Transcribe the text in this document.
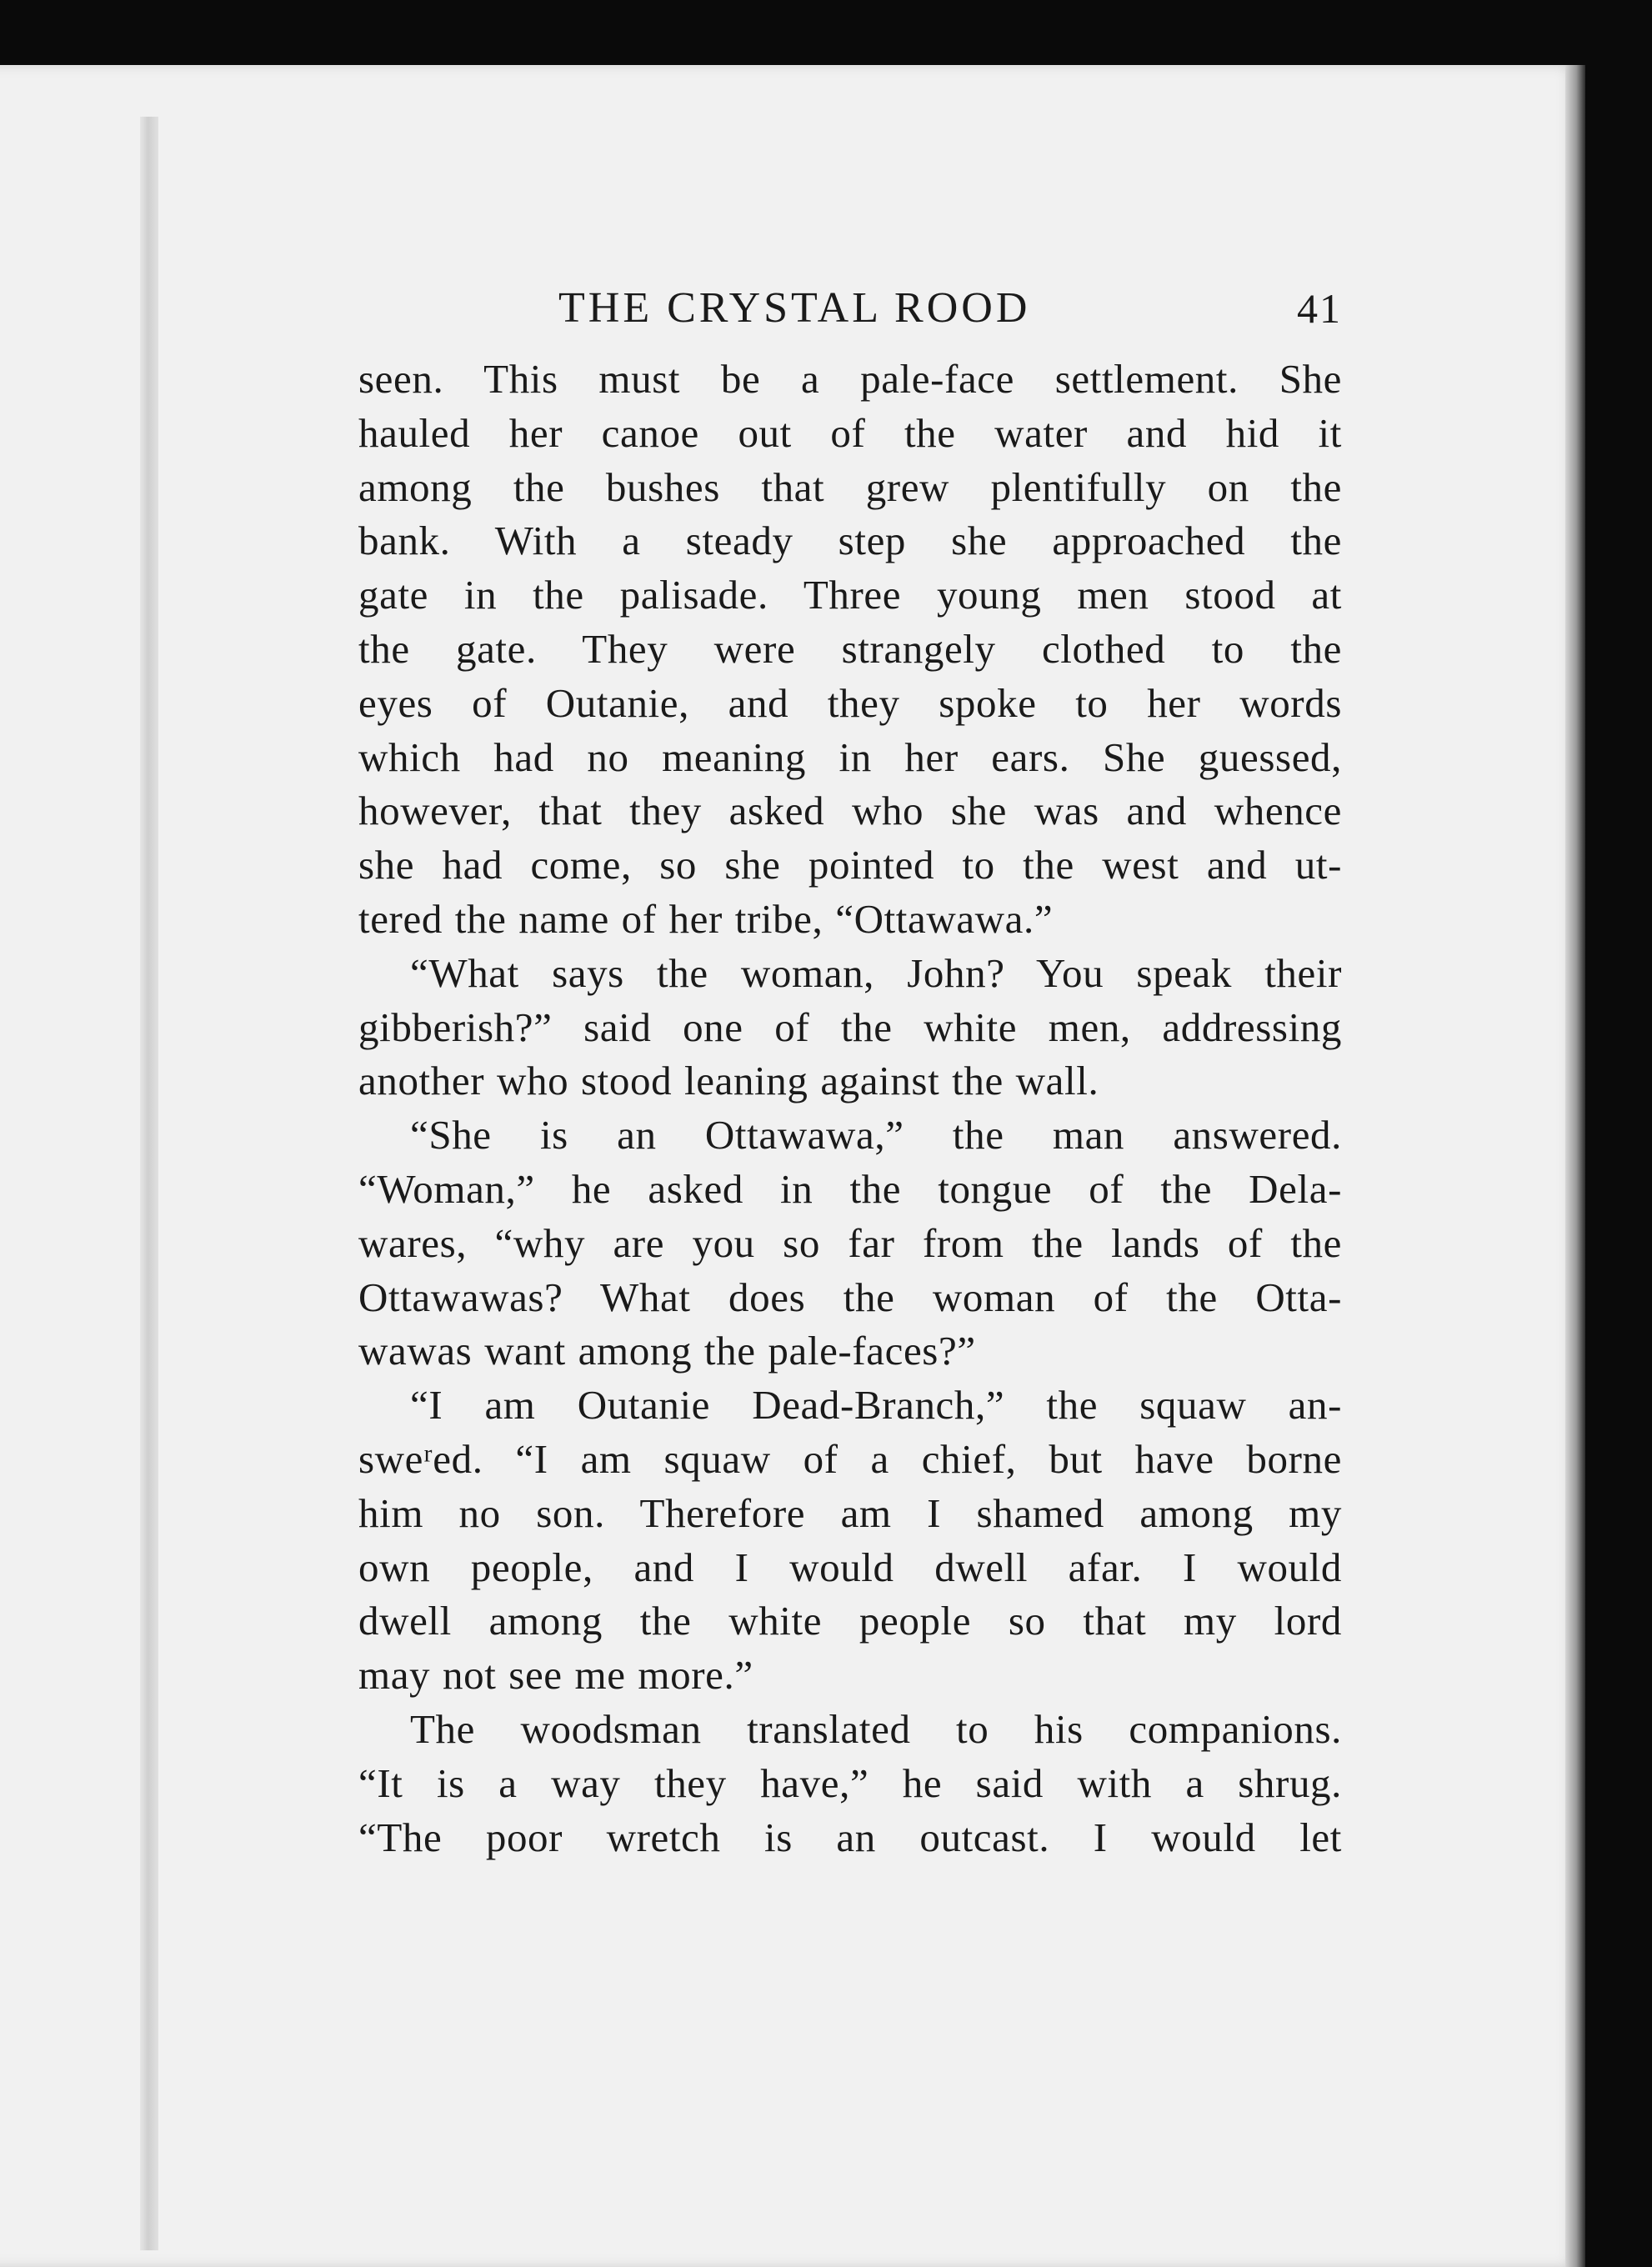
THE CRYSTAL ROOD	41
seen. This must be a pale-face settlement. She
hauled her canoe out of the water and hid it
among the bushes that grew plentifully on the
bank. With a steady step she approached the
gate in the palisade. Three young men stood at
the gate. They were strangely clothed to the
eyes of Outanie, and they spoke to her words
which had no meaning in her ears. She guessed,
however, that they asked who she was and whence
she had come, so she pointed to the west and ut-
tered the name of her tribe, “Ottawawa.”
“What says the woman, John? You speak their
gibberish?” said one of the white men, addressing
another who stood leaning against the wall.
“She is an Ottawawa,” the man answered.
“Woman,” he asked in the tongue of the Dela-
wares, “why are you so far from the lands of the
Ottawawas? What does the woman of the Otta-
wawas want among the pale-faces?”
“I am Outanie Dead-Branch,” the squaw an-
sweʳed. “I am squaw of a chief, but have borne
him no son. Therefore am I shamed among my
own people, and I would dwell afar. I would
dwell among the white people so that my lord
may not see me more.”
The woodsman translated to his companions.
“It is a way they have,” he said with a shrug.
“The poor wretch is an outcast. I would let
